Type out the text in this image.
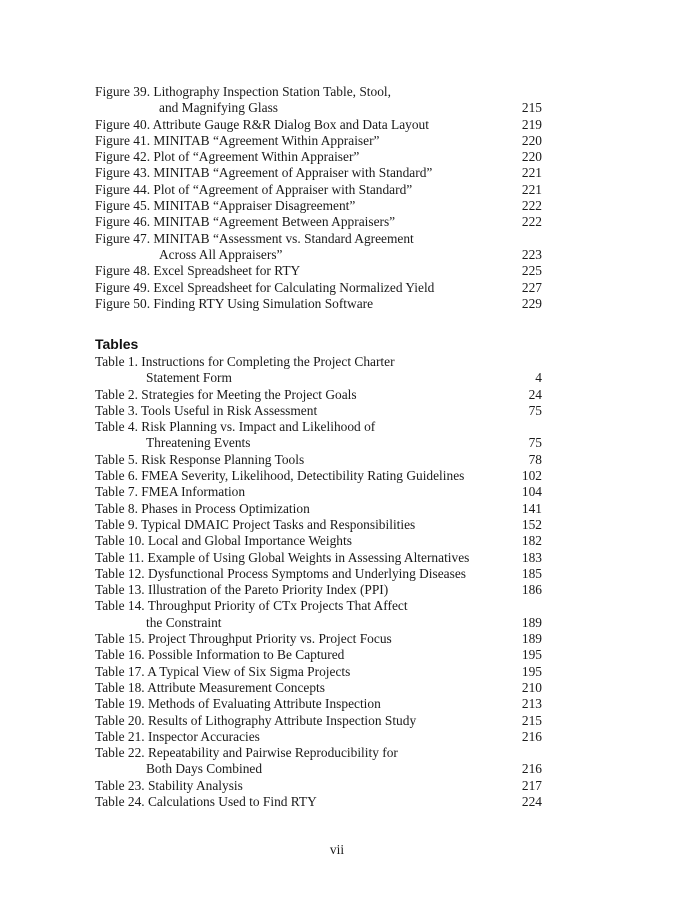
Figure 39. Lithography Inspection Station Table, Stool,
and Magnifying Glass	215
Figure 40. Attribute Gauge R&R Dialog Box and Data Layout	219
Figure 41. MINITAB “Agreement Within Appraiser”	220
Figure 42. Plot of “Agreement Within Appraiser”	220
Figure 43. MINITAB “Agreement of Appraiser with Standard”	221
Figure 44. Plot of “Agreement of Appraiser with Standard”	221
Figure 45. MINITAB “Appraiser Disagreement”	222
Figure 46. MINITAB “Agreement Between Appraisers”	222
Figure 47. MINITAB “Assessment vs. Standard Agreement
Across All Appraisers”	223
Figure 48. Excel Spreadsheet for RTY	225
Figure 49. Excel Spreadsheet for Calculating Normalized Yield	227
Figure 50. Finding RTY Using Simulation Software	229
Tables
Table 1. Instructions for Completing the Project Charter
Statement Form	4
Table 2. Strategies for Meeting the Project Goals	24
Table 3. Tools Useful in Risk Assessment	75
Table 4. Risk Planning vs. Impact and Likelihood of
Threatening Events	75
Table 5. Risk Response Planning Tools	78
Table 6. FMEA Severity, Likelihood, Detectibility Rating Guidelines	102
Table 7. FMEA Information	104
Table 8. Phases in Process Optimization	141
Table 9. Typical DMAIC Project Tasks and Responsibilities	152
Table 10. Local and Global Importance Weights	182
Table 11. Example of Using Global Weights in Assessing Alternatives	183
Table 12. Dysfunctional Process Symptoms and Underlying Diseases	185
Table 13. Illustration of the Pareto Priority Index (PPI)	186
Table 14. Throughput Priority of CTx Projects That Affect
the Constraint	189
Table 15. Project Throughput Priority vs. Project Focus	189
Table 16. Possible Information to Be Captured	195
Table 17. A Typical View of Six Sigma Projects	195
Table 18. Attribute Measurement Concepts	210
Table 19. Methods of Evaluating Attribute Inspection	213
Table 20. Results of Lithography Attribute Inspection Study	215
Table 21. Inspector Accuracies	216
Table 22. Repeatability and Pairwise Reproducibility for
Both Days Combined	216
Table 23. Stability Analysis	217
Table 24. Calculations Used to Find RTY	224
vii
